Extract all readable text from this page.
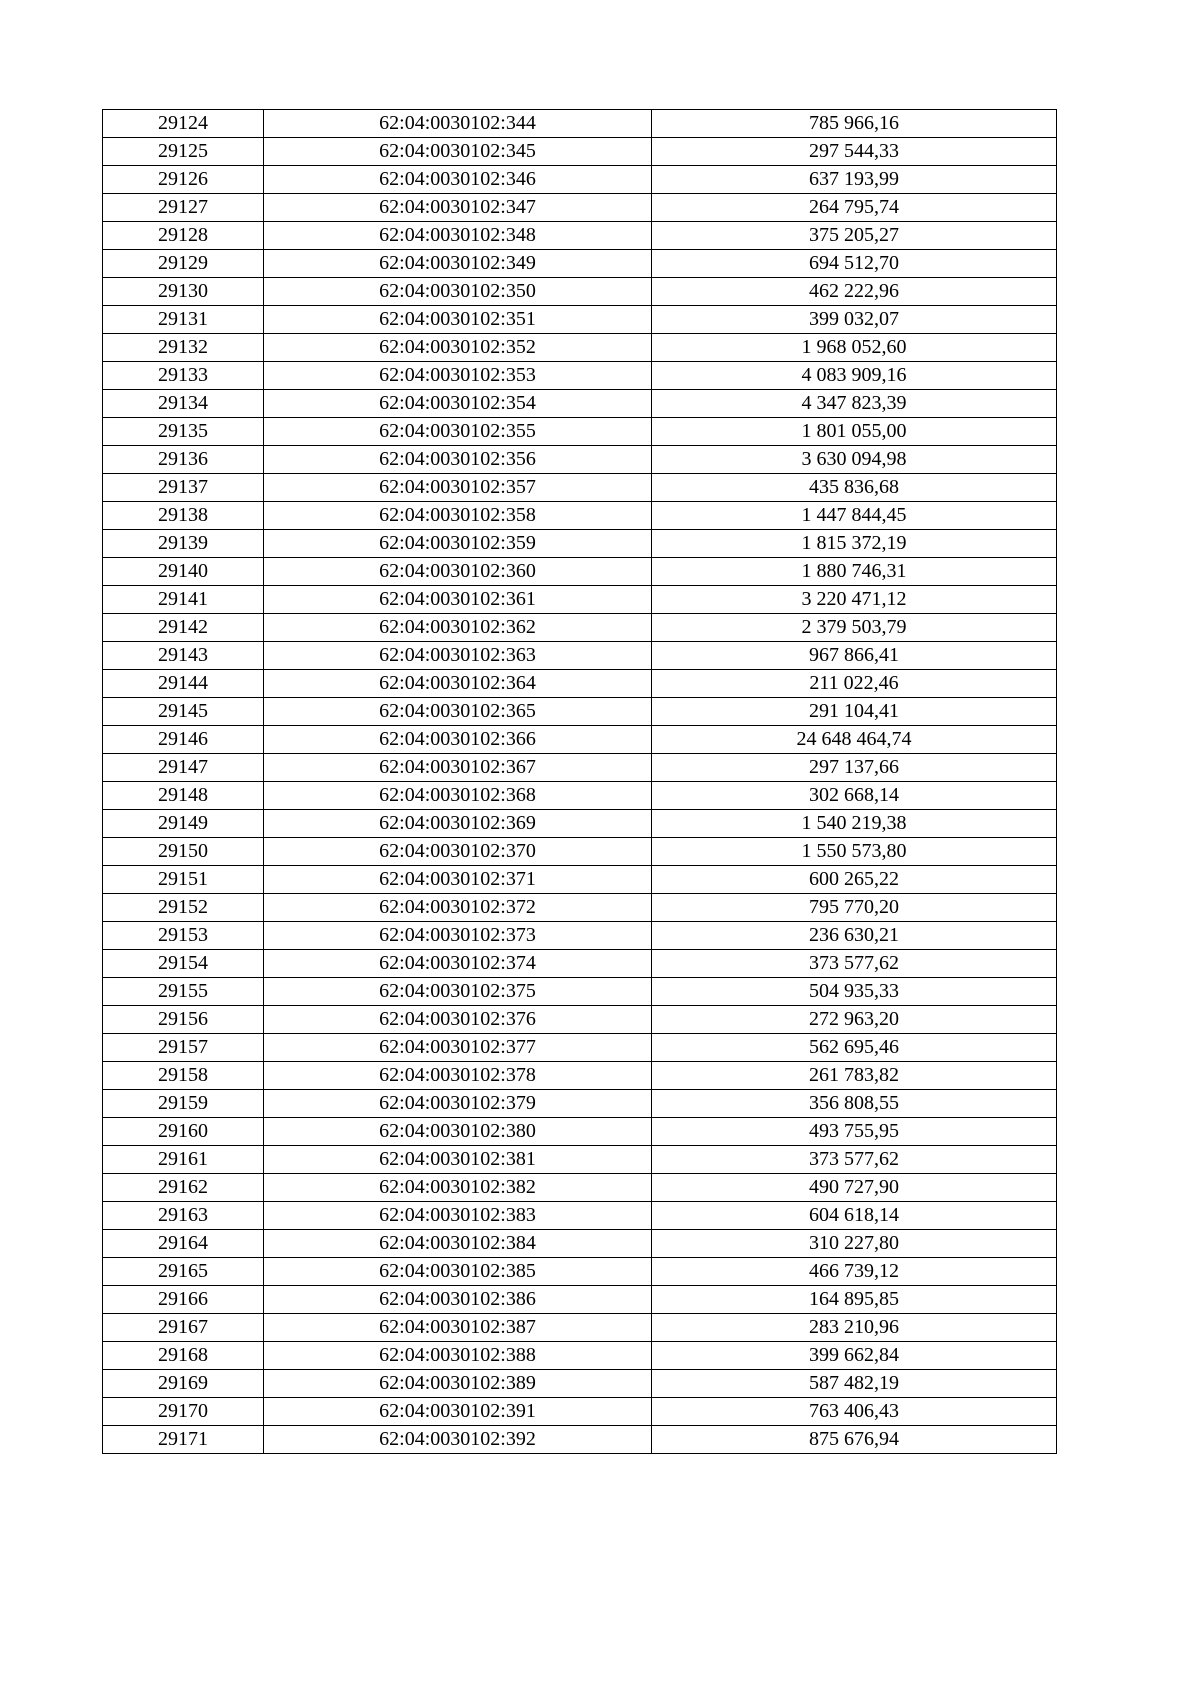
29124	62:04:0030102:344	785 966,16
29125	62:04:0030102:345	297 544,33
29126	62:04:0030102:346	637 193,99
29127	62:04:0030102:347	264 795,74
29128	62:04:0030102:348	375 205,27
29129	62:04:0030102:349	694 512,70
29130	62:04:0030102:350	462 222,96
29131	62:04:0030102:351	399 032,07
29132	62:04:0030102:352	1 968 052,60
29133	62:04:0030102:353	4 083 909,16
29134	62:04:0030102:354	4 347 823,39
29135	62:04:0030102:355	1 801 055,00
29136	62:04:0030102:356	3 630 094,98
29137	62:04:0030102:357	435 836,68
29138	62:04:0030102:358	1 447 844,45
29139	62:04:0030102:359	1 815 372,19
29140	62:04:0030102:360	1 880 746,31
29141	62:04:0030102:361	3 220 471,12
29142	62:04:0030102:362	2 379 503,79
29143	62:04:0030102:363	967 866,41
29144	62:04:0030102:364	211 022,46
29145	62:04:0030102:365	291 104,41
29146	62:04:0030102:366	24 648 464,74
29147	62:04:0030102:367	297 137,66
29148	62:04:0030102:368	302 668,14
29149	62:04:0030102:369	1 540 219,38
29150	62:04:0030102:370	1 550 573,80
29151	62:04:0030102:371	600 265,22
29152	62:04:0030102:372	795 770,20
29153	62:04:0030102:373	236 630,21
29154	62:04:0030102:374	373 577,62
29155	62:04:0030102:375	504 935,33
29156	62:04:0030102:376	272 963,20
29157	62:04:0030102:377	562 695,46
29158	62:04:0030102:378	261 783,82
29159	62:04:0030102:379	356 808,55
29160	62:04:0030102:380	493 755,95
29161	62:04:0030102:381	373 577,62
29162	62:04:0030102:382	490 727,90
29163	62:04:0030102:383	604 618,14
29164	62:04:0030102:384	310 227,80
29165	62:04:0030102:385	466 739,12
29166	62:04:0030102:386	164 895,85
29167	62:04:0030102:387	283 210,96
29168	62:04:0030102:388	399 662,84
29169	62:04:0030102:389	587 482,19
29170	62:04:0030102:391	763 406,43
29171	62:04:0030102:392	875 676,94
